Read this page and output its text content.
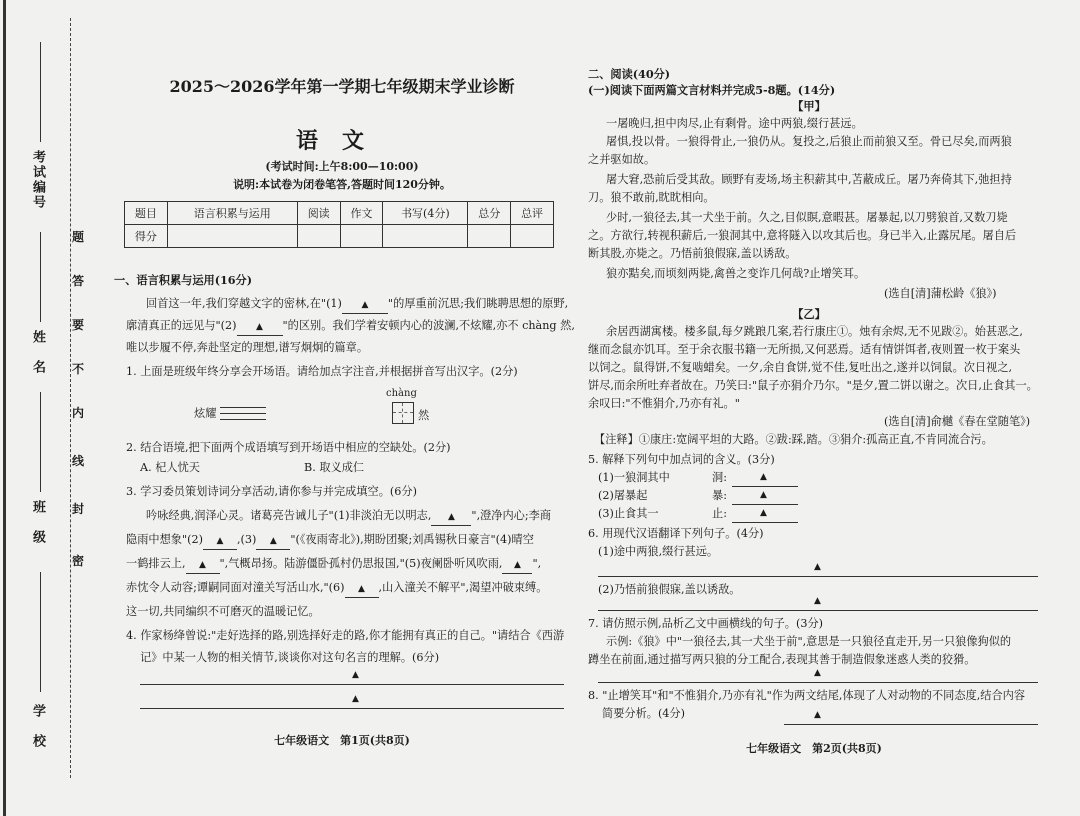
考试编号
姓　名
班　级
学　校
题
答
要
不
内
线
封
密
2025～2026学年第一学期七年级期末学业诊断
语文
(考试时间:上午8:00—10:00)
说明:本试卷为闭卷笔答,答题时间120分钟。
题目	语言积累与运用	阅读	作文	书写(4分)	总分	总评
得分						
一、语言积累与运用(16分)
回首这一年,我们穿越文字的密林,在"(1) ▲ "的厚重前沉思;我们眺聘思想的原野,
廓清真正的远见与"(2) ▲ "的区别。我们学着安顿内心的波澜,不炫耀,亦不 chàng 然,
唯以步履不停,奔赴坚定的理想,谱写炯炯的篇章。
1. 上面是班级年终分享会开场语。请给加点字注音,并根据拼音写出汉字。(2分)
chàng
炫耀	然
2. 结合语境,把下面两个成语填写到开场语中相应的空缺处。(2分)
A. 杞人忧天	B. 取义成仁
3. 学习委员策划诗词分享活动,请你参与并完成填空。(6分)
吟咏经典,润泽心灵。诸葛亮告诫儿子"(1)非淡泊无以明志, ▲ ",澄净内心;李商
隐雨中想象"(2) ▲ ,(3) ▲ "(《夜雨寄北》),期盼团聚;刘禹锡秋日豪言"(4)晴空
一鹤排云上, ▲ ",气概昂扬。陆游僵卧孤村仍思报国,"(5)夜阑卧听风吹雨, ▲ ",
赤忱令人动容;谭嗣同面对潼关写活山水,"(6) ▲ ,山入潼关不解平",渴望冲破束缚。
这一切,共同编织不可磨灭的温暖记忆。
4. 作家杨绛曾说:"走好选择的路,别选择好走的路,你才能拥有真正的自己。"请结合《西游
记》中某一人物的相关情节,谈谈你对这句名言的理解。(6分)
▲
▲
七年级语文　第1页(共8页)
二、阅读(40分)
(一)阅读下面两篇文言材料并完成5-8题。(14分)
【甲】
一屠晚归,担中肉尽,止有剩骨。途中两狼,缀行甚远。
屠惧,投以骨。一狼得骨止,一狼仍从。复投之,后狼止而前狼又至。骨已尽矣,而两狼
之并驱如故。
屠大窘,恐前后受其敌。顾野有麦场,场主积薪其中,苫蔽成丘。屠乃奔倚其下,弛担持
刀。狼不敢前,眈眈相向。
少时,一狼径去,其一犬坐于前。久之,目似瞑,意暇甚。屠暴起,以刀劈狼首,又数刀毙
之。方欲行,转视积薪后,一狼洞其中,意将隧入以攻其后也。身已半入,止露尻尾。屠自后
断其股,亦毙之。乃悟前狼假寐,盖以诱敌。
狼亦黠矣,而顷刻两毙,禽兽之变诈几何哉?止增笑耳。
(选自[清]蒲松龄《狼》)
【乙】
余居西湖寓楼。楼多鼠,每夕跳踉几案,若行康庄①。烛有余烬,无不见跋②。始甚恶之,
继而念鼠亦饥耳。至于余衣服书籍一无所损,又何恶焉。适有情饼饵者,夜则置一枚于案头
以饲之。鼠得饼,不复啮蜡矣。一夕,余自食饼,觉不佳,复吐出之,遂并以饲鼠。次日视之,
饼尽,而余所吐弃者故在。乃笑曰:"鼠子亦狷介乃尔。"是夕,置二饼以谢之。次日,止食其一。
余叹曰:"不惟狷介,乃亦有礼。"
(选自[清]俞樾《春在堂随笔》)
【注释】①康庄:宽阔平坦的大路。②跋:踩,踏。③狷介:孤高正直,不肯同流合污。
5. 解释下列句中加点词的含义。(3分)
(1)一狼洞其中	洞:	▲
(2)屠暴起	暴:	▲
(3)止食其一	止:	▲
6. 用现代汉语翻译下列句子。(4分)
(1)途中两狼,缀行甚远。
▲
(2)乃悟前狼假寐,盖以诱敌。
▲
7. 请仿照示例,品析乙文中画横线的句子。(3分)
示例:《狼》中"一狼径去,其一犬坐于前",意思是一只狼径直走开,另一只狼像狗似的
蹲坐在前面,通过描写两只狼的分工配合,表现其善于制造假象迷惑人类的狡猾。
▲
8. "止增笑耳"和"不惟狷介,乃亦有礼"作为两文结尾,体现了人对动物的不同态度,结合内容
简要分析。(4分)	▲
七年级语文　第2页(共8页)
